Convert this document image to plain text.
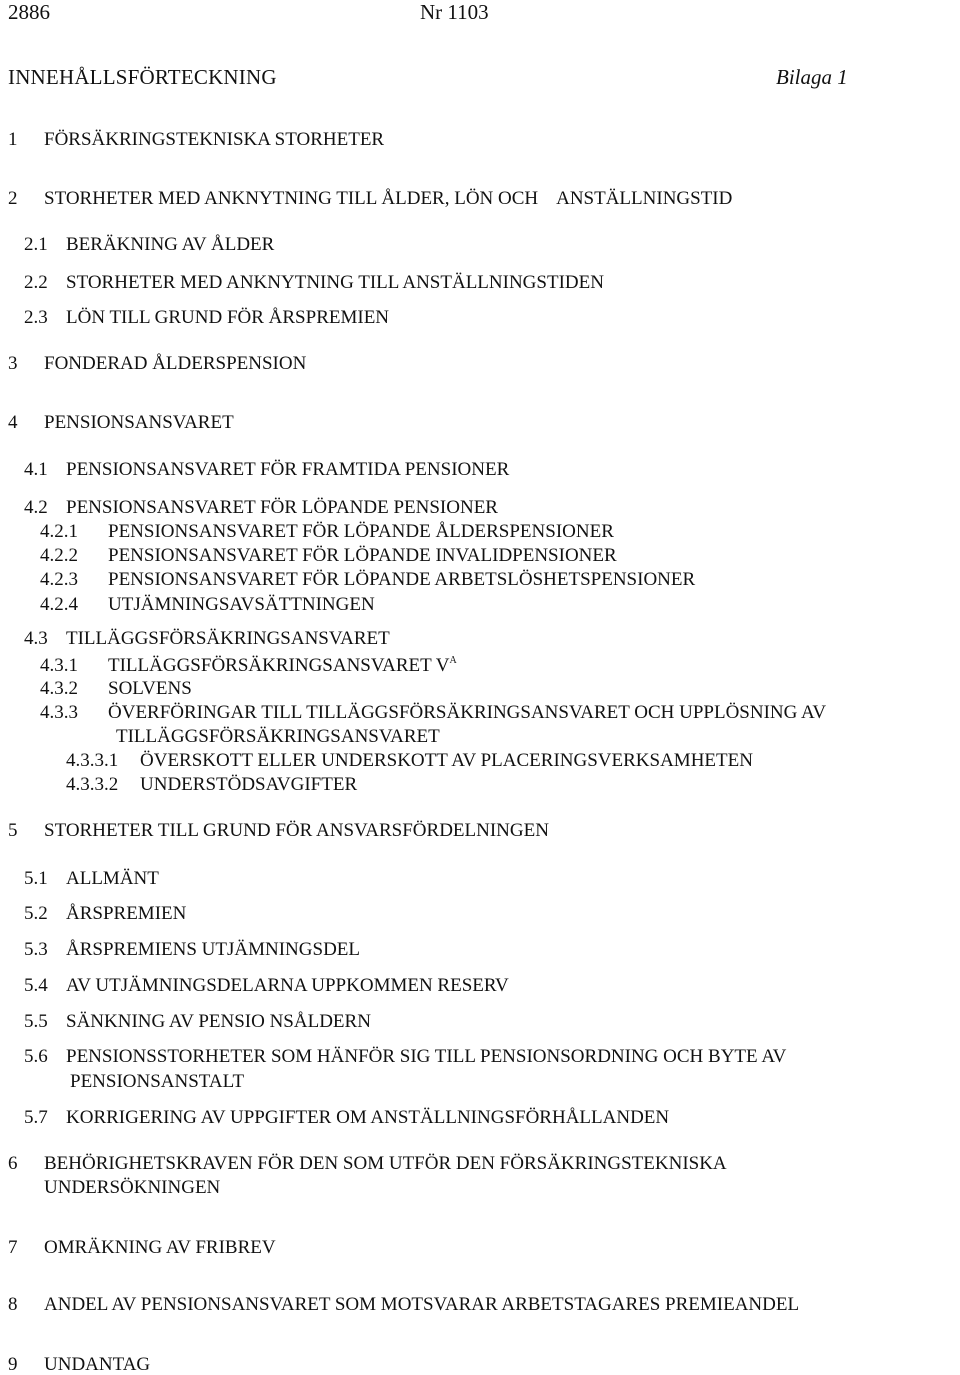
2886	Nr 1103
INNEHÅLLSFÖRTECKNING	Bilaga 1
1 FÖRSÄKRINGSTEKNISKA STORHETER
2 STORHETER MED ANKNYTNING TILL ÅLDER, LÖN OCH    ANSTÄLLNINGSTID
2.1 BERÄKNING AV ÅLDER
2.2 STORHETER MED ANKNYTNING TILL ANSTÄLLNINGSTIDEN
2.3 LÖN TILL GRUND FÖR ÅRSPREMIEN
3 FONDERAD ÅLDERSPENSION
4 PENSIONSANSVARET
4.1 PENSIONSANSVARET FÖR FRAMTIDA PENSIONER
4.2 PENSIONSANSVARET FÖR LÖPANDE PENSIONER
4.2.1 PENSIONSANSVARET FÖR LÖPANDE ÅLDERSPENSIONER
4.2.2 PENSIONSANSVARET FÖR LÖPANDE INVALIDPENSIONER
4.2.3 PENSIONSANSVARET FÖR LÖPANDE ARBETSLÖSHETSPENSIONER
4.2.4 UTJÄMNINGSAVSÄTTNINGEN
4.3 TILLÄGGSFÖRSÄKRINGSANSVARET
4.3.1 TILLÄGGSFÖRSÄKRINGSANSVARET $V^A$
4.3.2 SOLVENS
4.3.3 ÖVERFÖRINGAR TILL TILLÄGGSFÖRSÄKRINGSANSVARET OCH UPPLÖSNING AV
TILLÄGGSFÖRSÄKRINGSANSVARET
4.3.3.1 ÖVERSKOTT ELLER UNDERSKOTT AV PLACERINGSVERKSAMHETEN
4.3.3.2 UNDERSTÖDSAVGIFTER
5 STORHETER TILL GRUND FÖR ANSVARSFÖRDELNINGEN
5.1 ALLMÄNT
5.2 ÅRSPREMIEN
5.3 ÅRSPREMIENS UTJÄMNINGSDEL
5.4 AV UTJÄMNINGSDELARNA UPPKOMMEN RESERV
5.5 SÄNKNING AV PENSIO NSÅLDERN
5.6 PENSIONSSTORHETER SOM HÄNFÖR SIG TILL PENSIONSORDNING OCH BYTE AV
PENSIONSANSTALT
5.7 KORRIGERING AV UPPGIFTER OM ANSTÄLLNINGSFÖRHÅLLANDEN
6 BEHÖRIGHETSKRAVEN FÖR DEN SOM UTFÖR DEN FÖRSÄKRINGSTEKNISKA
UNDERSÖKNINGEN
7 OMRÄKNING AV FRIBREV
8 ANDEL AV PENSIONSANSVARET SOM MOTSVARAR ARBETSTAGARES PREMIEANDEL
9 UNDANTAG
